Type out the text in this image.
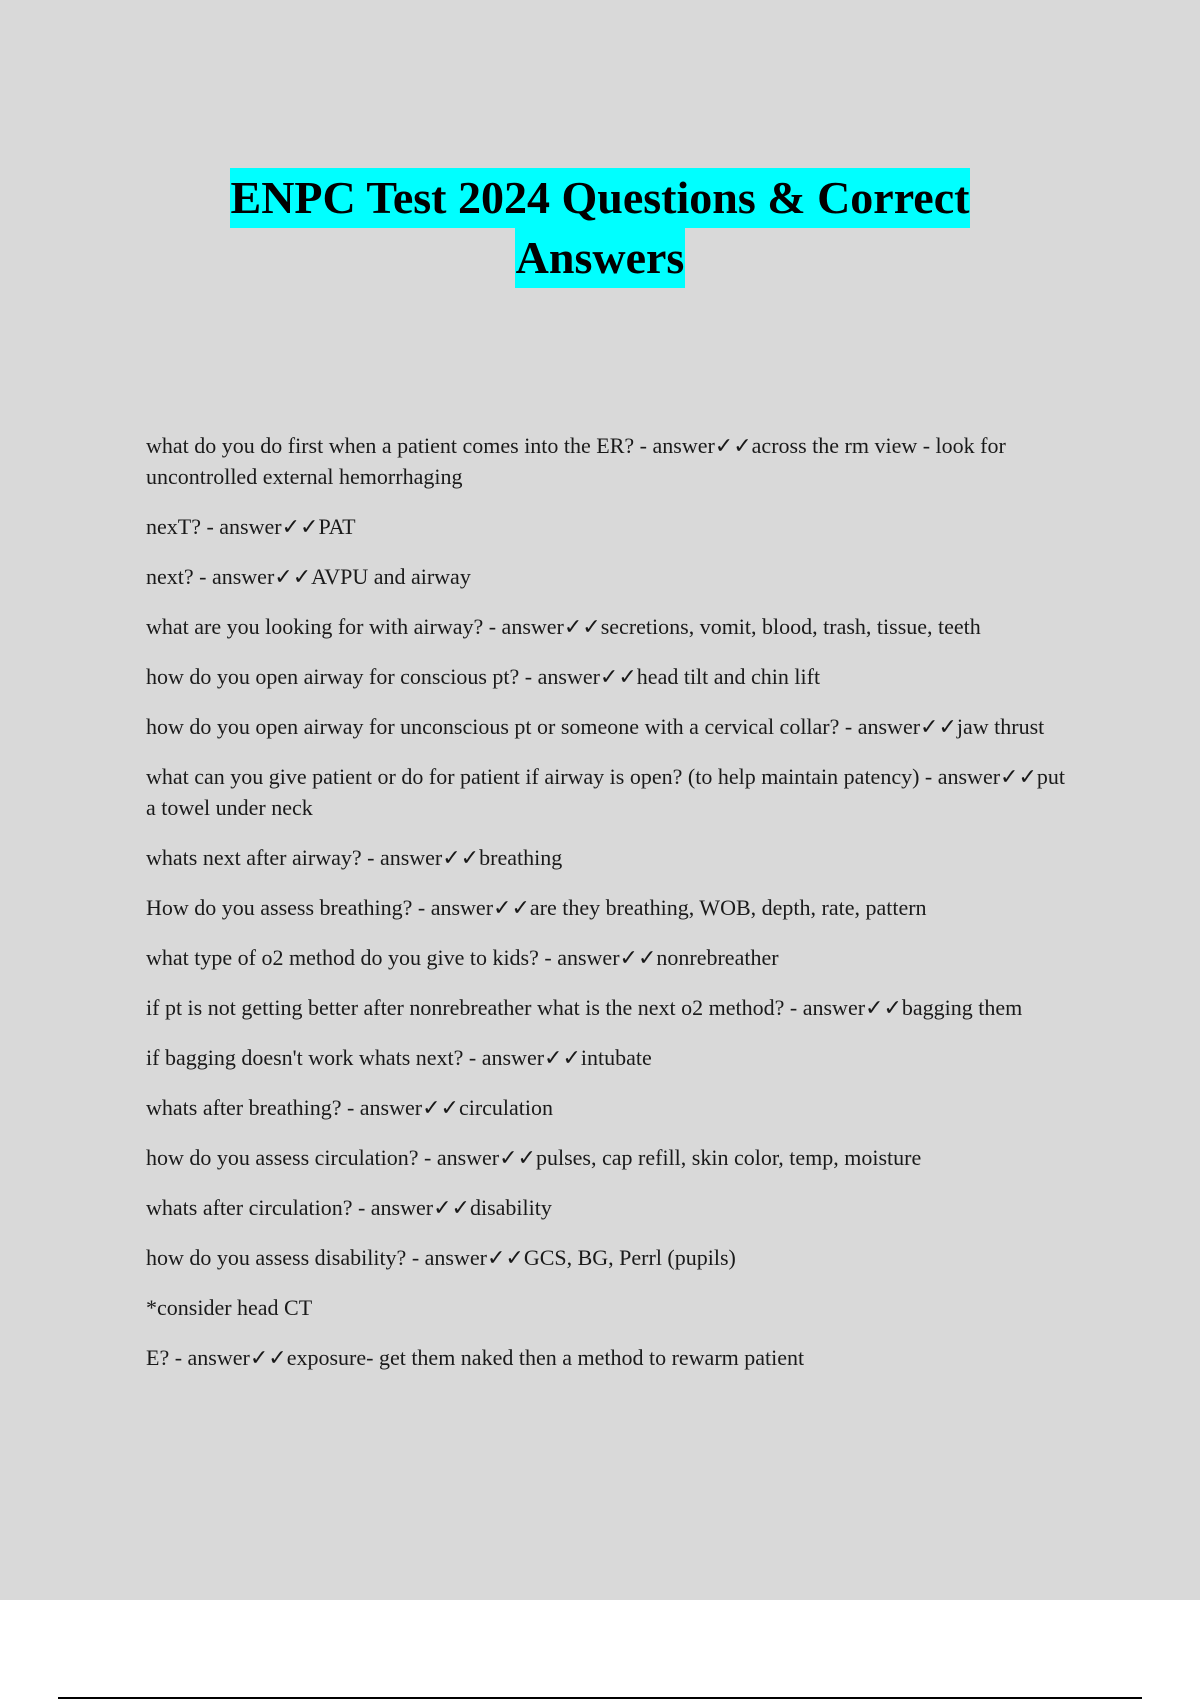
ENPC Test 2024 Questions & Correct
Answers
what do you do first when a patient comes into the ER? - answer✓✓across the rm view - look for uncontrolled external hemorrhaging
nexT? - answer✓✓PAT
next? - answer✓✓AVPU and airway
what are you looking for with airway? - answer✓✓secretions, vomit, blood, trash, tissue, teeth
how do you open airway for conscious pt? - answer✓✓head tilt and chin lift
how do you open airway for unconscious pt or someone with a cervical collar? - answer✓✓jaw thrust
what can you give patient or do for patient if airway is open? (to help maintain patency) - answer✓✓put a towel under neck
whats next after airway? - answer✓✓breathing
How do you assess breathing? - answer✓✓are they breathing, WOB, depth, rate, pattern
what type of o2 method do you give to kids? - answer✓✓nonrebreather
if pt is not getting better after nonrebreather what is the next o2 method? - answer✓✓bagging them
if bagging doesn't work whats next? - answer✓✓intubate
whats after breathing? - answer✓✓circulation
how do you assess circulation? - answer✓✓pulses, cap refill, skin color, temp, moisture
whats after circulation? - answer✓✓disability
how do you assess disability? - answer✓✓GCS, BG, Perrl (pupils)
*consider head CT
E? - answer✓✓exposure- get them naked then a method to rewarm patient
